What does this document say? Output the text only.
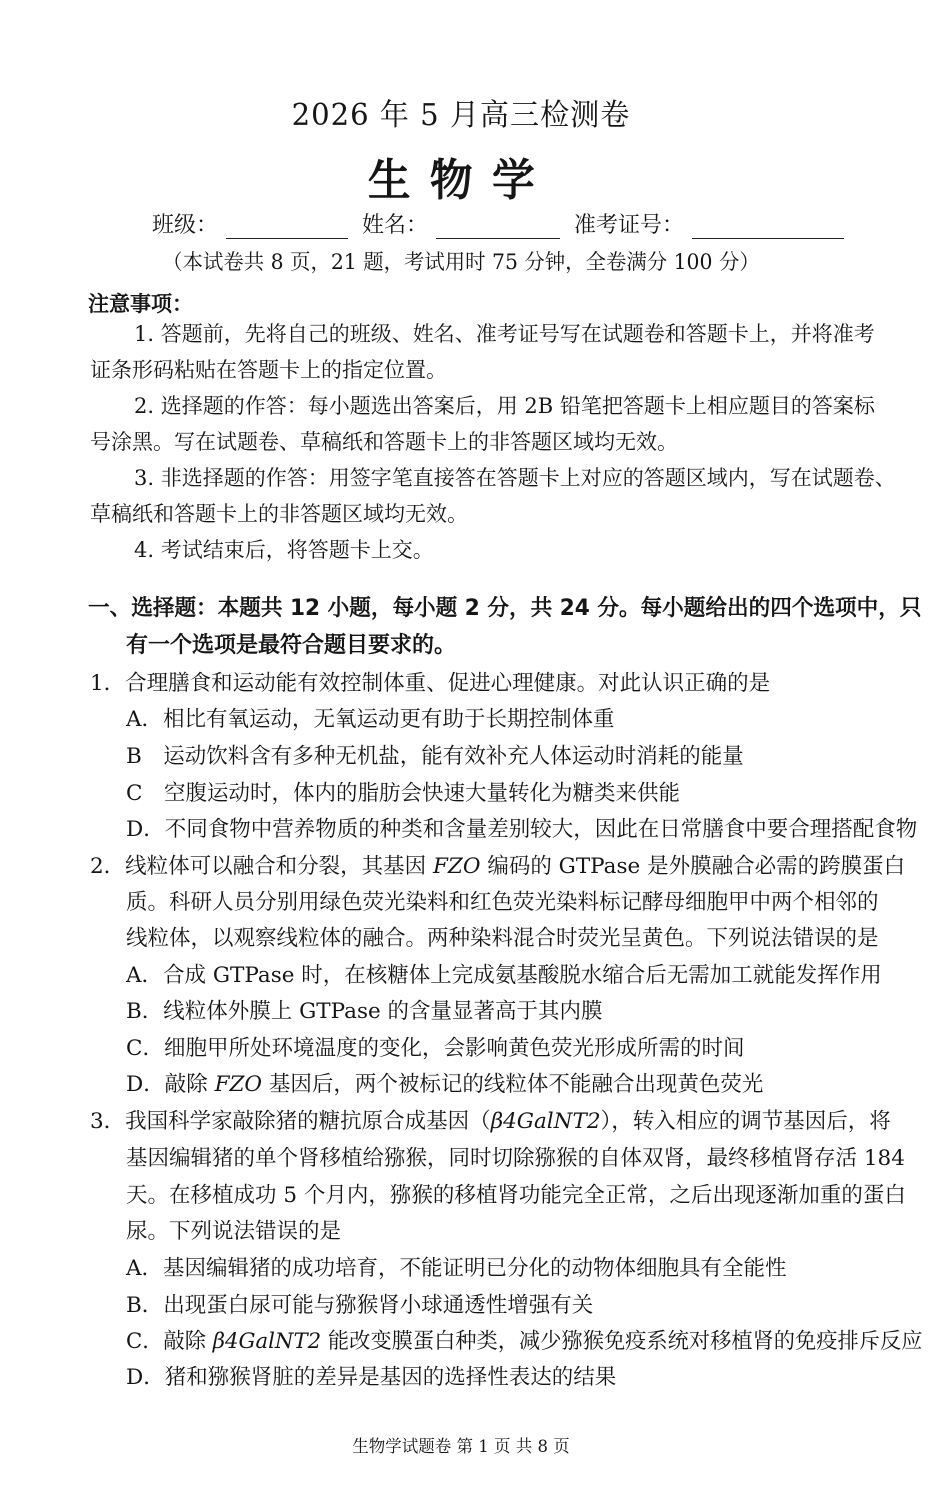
2026 年 5 月高三检测卷
生物学
班级：	姓名：	准考证号：
（本试卷共 8 页，21 题，考试用时 75 分钟，全卷满分 100 分）
注意事项：
1. 答题前，先将自己的班级、姓名、准考证号写在试题卷和答题卡上，并将准考
证条形码粘贴在答题卡上的指定位置。
2. 选择题的作答：每小题选出答案后，用 2B 铅笔把答题卡上相应题目的答案标
号涂黑。写在试题卷、草稿纸和答题卡上的非答题区域均无效。
3. 非选择题的作答：用签字笔直接答在答题卡上对应的答题区域内，写在试题卷、
草稿纸和答题卡上的非答题区域均无效。
4. 考试结束后，将答题卡上交。
一、选择题：本题共 12 小题，每小题 2 分，共 24 分。每小题给出的四个选项中，只
有一个选项是最符合题目要求的。
1．合理膳食和运动能有效控制体重、促进心理健康。对此认识正确的是
A．相比有氧运动，无氧运动更有助于长期控制体重
B　运动饮料含有多种无机盐，能有效补充人体运动时消耗的能量
C　空腹运动时，体内的脂肪会快速大量转化为糖类来供能
D．不同食物中营养物质的种类和含量差别较大，因此在日常膳食中要合理搭配食物
2．线粒体可以融合和分裂，其基因 FZO 编码的 GTPase 是外膜融合必需的跨膜蛋白
质。科研人员分别用绿色荧光染料和红色荧光染料标记酵母细胞甲中两个相邻的
线粒体，以观察线粒体的融合。两种染料混合时荧光呈黄色。下列说法错误的是
A．合成 GTPase 时，在核糖体上完成氨基酸脱水缩合后无需加工就能发挥作用
B．线粒体外膜上 GTPase 的含量显著高于其内膜
C．细胞甲所处环境温度的变化，会影响黄色荧光形成所需的时间
D．敲除 FZO 基因后，两个被标记的线粒体不能融合出现黄色荧光
3．我国科学家敲除猪的糖抗原合成基因（β4GalNT2），转入相应的调节基因后，将
基因编辑猪的单个肾移植给猕猴，同时切除猕猴的自体双肾，最终移植肾存活 184
天。在移植成功 5 个月内，猕猴的移植肾功能完全正常，之后出现逐渐加重的蛋白
尿。下列说法错误的是
A．基因编辑猪的成功培育，不能证明已分化的动物体细胞具有全能性
B．出现蛋白尿可能与猕猴肾小球通透性增强有关
C．敲除 β4GalNT2 能改变膜蛋白种类，减少猕猴免疫系统对移植肾的免疫排斥反应
D．猪和猕猴肾脏的差异是基因的选择性表达的结果
生物学试题卷 第 1 页 共 8 页
